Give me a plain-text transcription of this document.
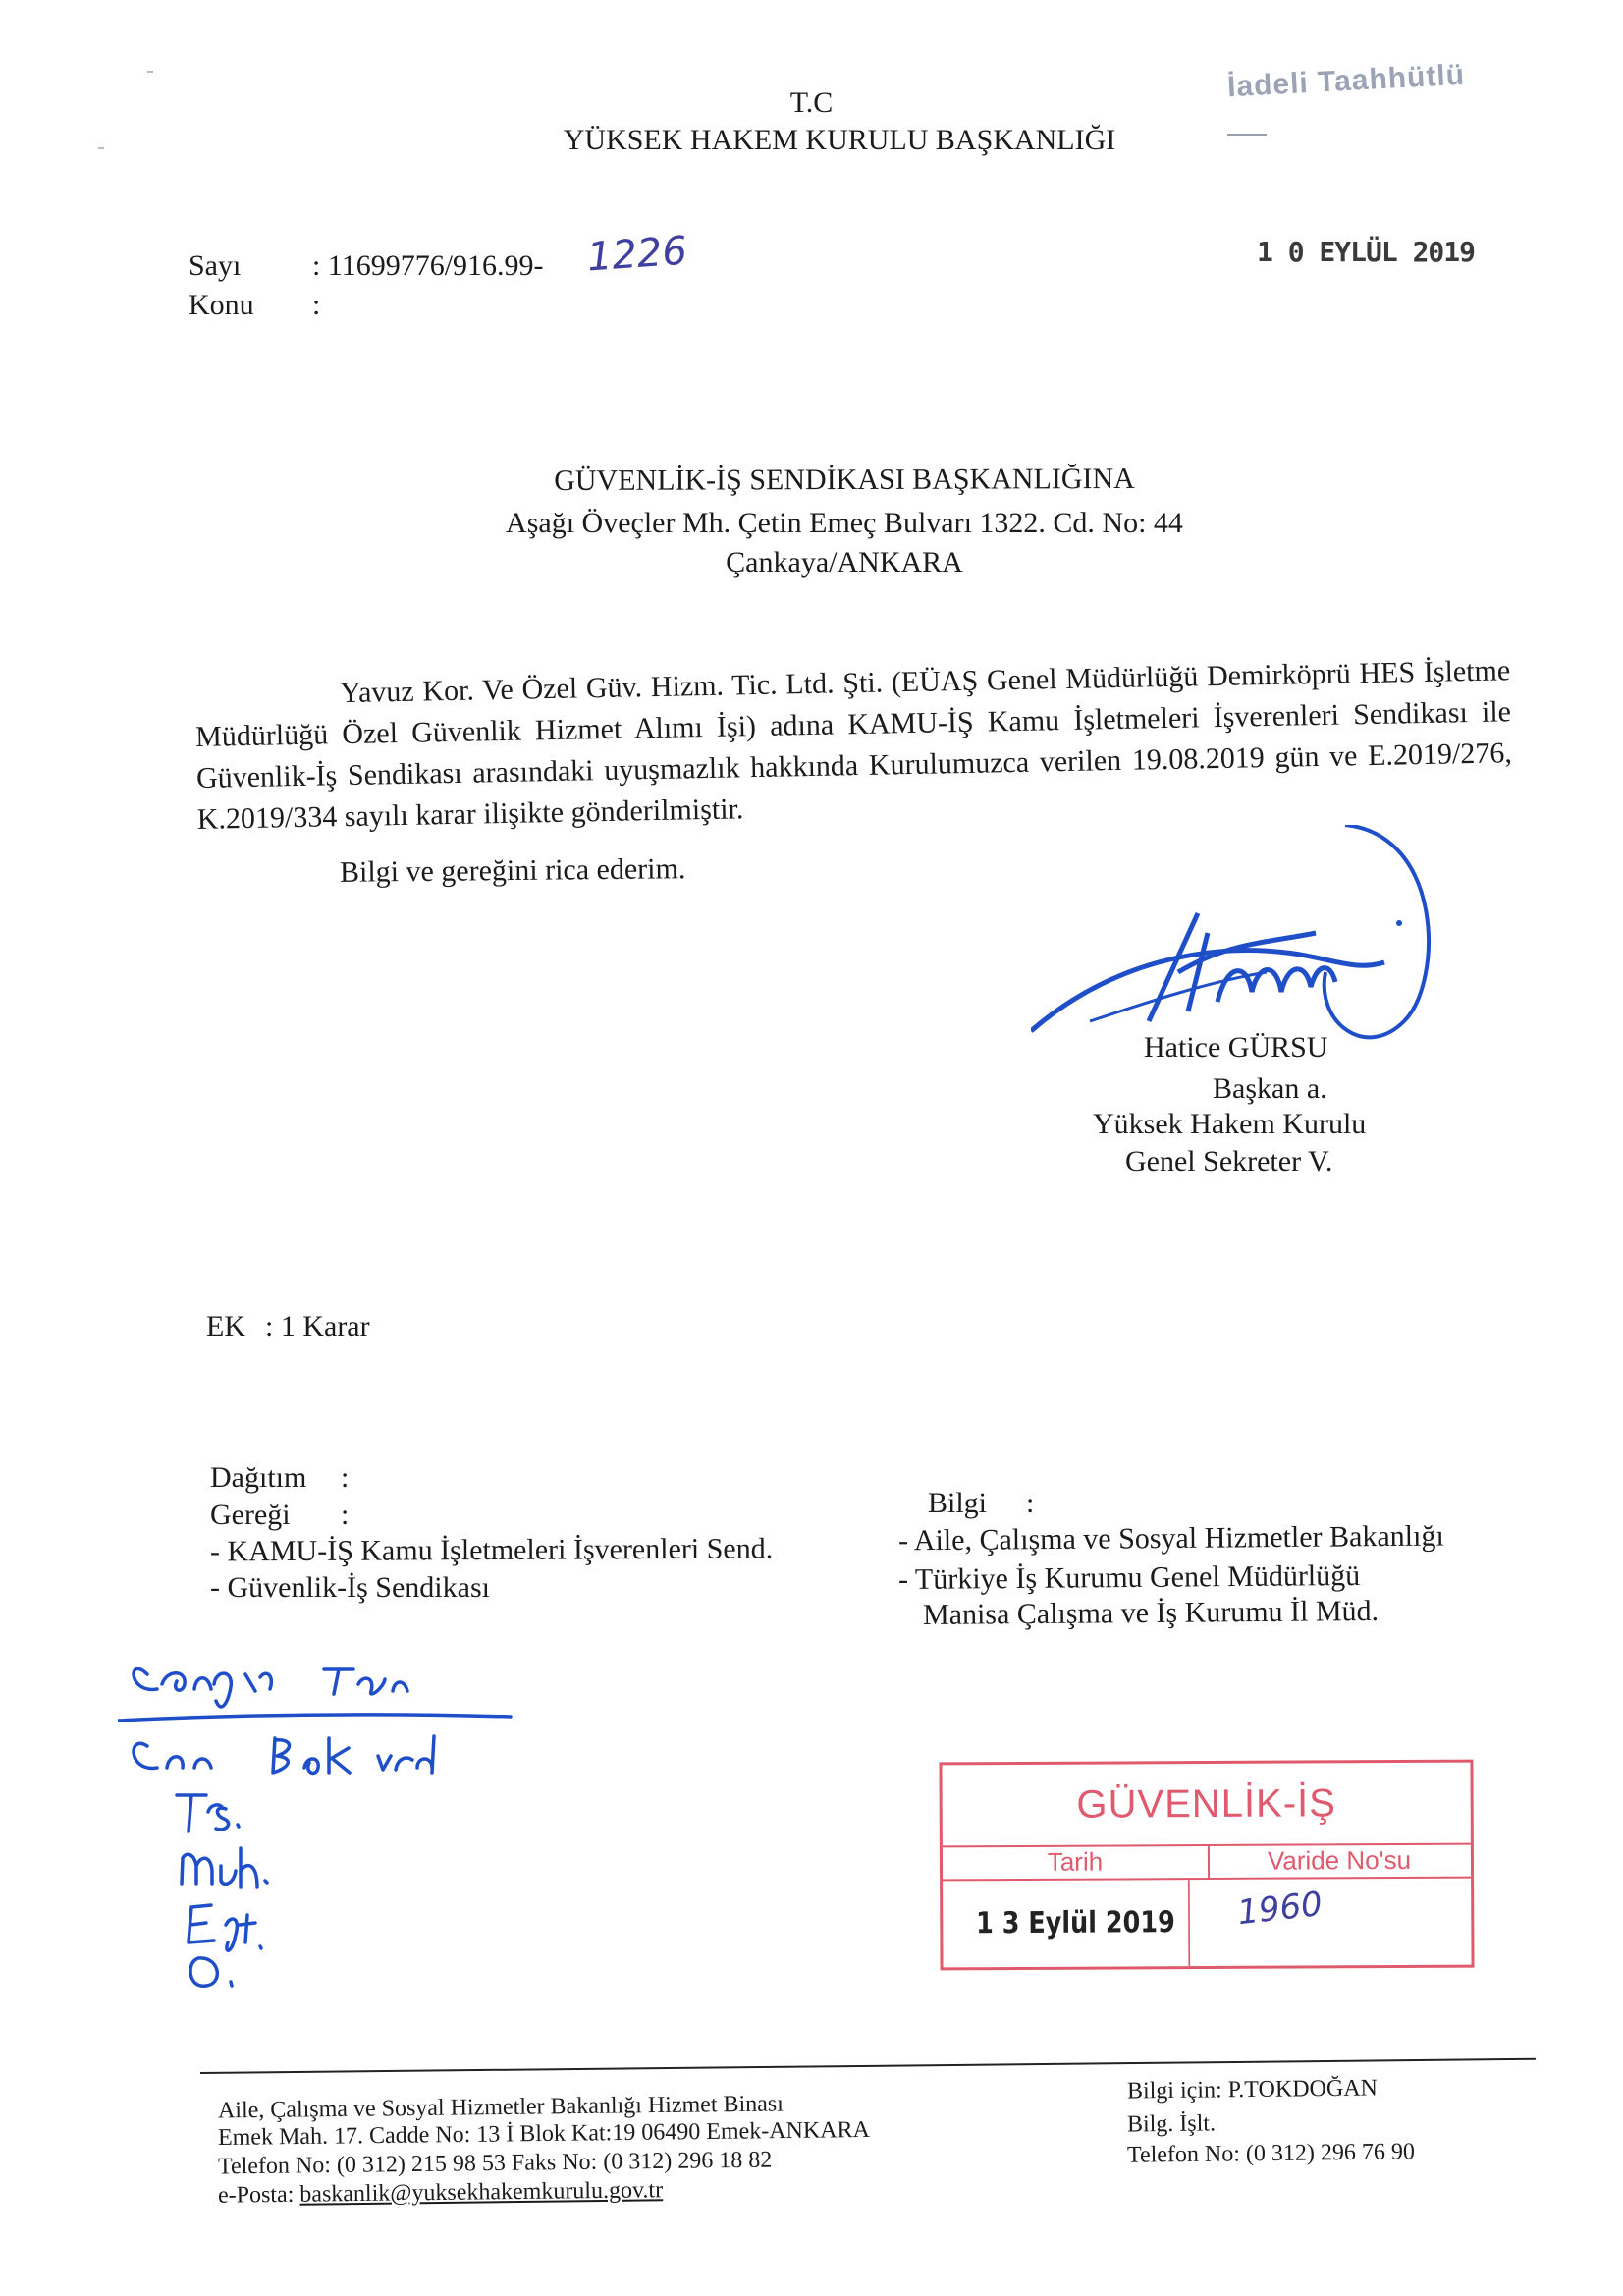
İadeli Taahhütlü
T.C
YÜKSEK HAKEM KURULU BAŞKANLIĞI
Sayı : 11699776/916.99- 1226
Konu :
1 0 EYLÜL 2019
GÜVENLİK-İŞ SENDİKASI BAŞKANLIĞINA
Aşağı Öveçler Mh. Çetin Emeç Bulvarı 1322. Cd. No: 44
Çankaya/ANKARA

Yavuz Kor. Ve Özel Güv. Hizm. Tic. Ltd. Şti. (EÜAŞ Genel Müdürlüğü Demirköprü HES İşletme Müdürlüğü Özel Güvenlik Hizmet Alımı İşi) adına KAMU-İŞ Kamu İşletmeleri İşverenleri Sendikası ile Güvenlik-İş Sendikası arasındaki uyuşmazlık hakkında Kurulumuzca verilen 19.08.2019 gün ve E.2019/276, K.2019/334 sayılı karar ilişikte gönderilmiştir.

Bilgi ve gereğini rica ederim.
Hatice GÜRSU
Başkan a.
Yüksek Hakem Kurulu
Genel Sekreter V.
EK : 1 Karar
Dağıtım :
Gereği :
- KAMU-İŞ Kamu İşletmeleri İşverenleri Send.
- Güvenlik-İş Sendikası
Bilgi :
- Aile, Çalışma ve Sosyal Hizmetler Bakanlığı
- Türkiye İş Kurumu Genel Müdürlüğü
Manisa Çalışma ve İş Kurumu İl Müd.
GÜVENLİK-İŞ
Tarih	Varide No'su
1 3 Eylül 2019	1960
Aile, Çalışma ve Sosyal Hizmetler Bakanlığı Hizmet Binası
Emek Mah. 17. Cadde No: 13 İ Blok Kat:19 06490 Emek-ANKARA
Telefon No: (0 312) 215 98 53 Faks No: (0 312) 296 18 82
e-Posta: baskanlik@yuksekhakemkurulu.gov.tr
Bilgi için: P.TOKDOĞAN
Bilg. İşlt.
Telefon No: (0 312) 296 76 90
